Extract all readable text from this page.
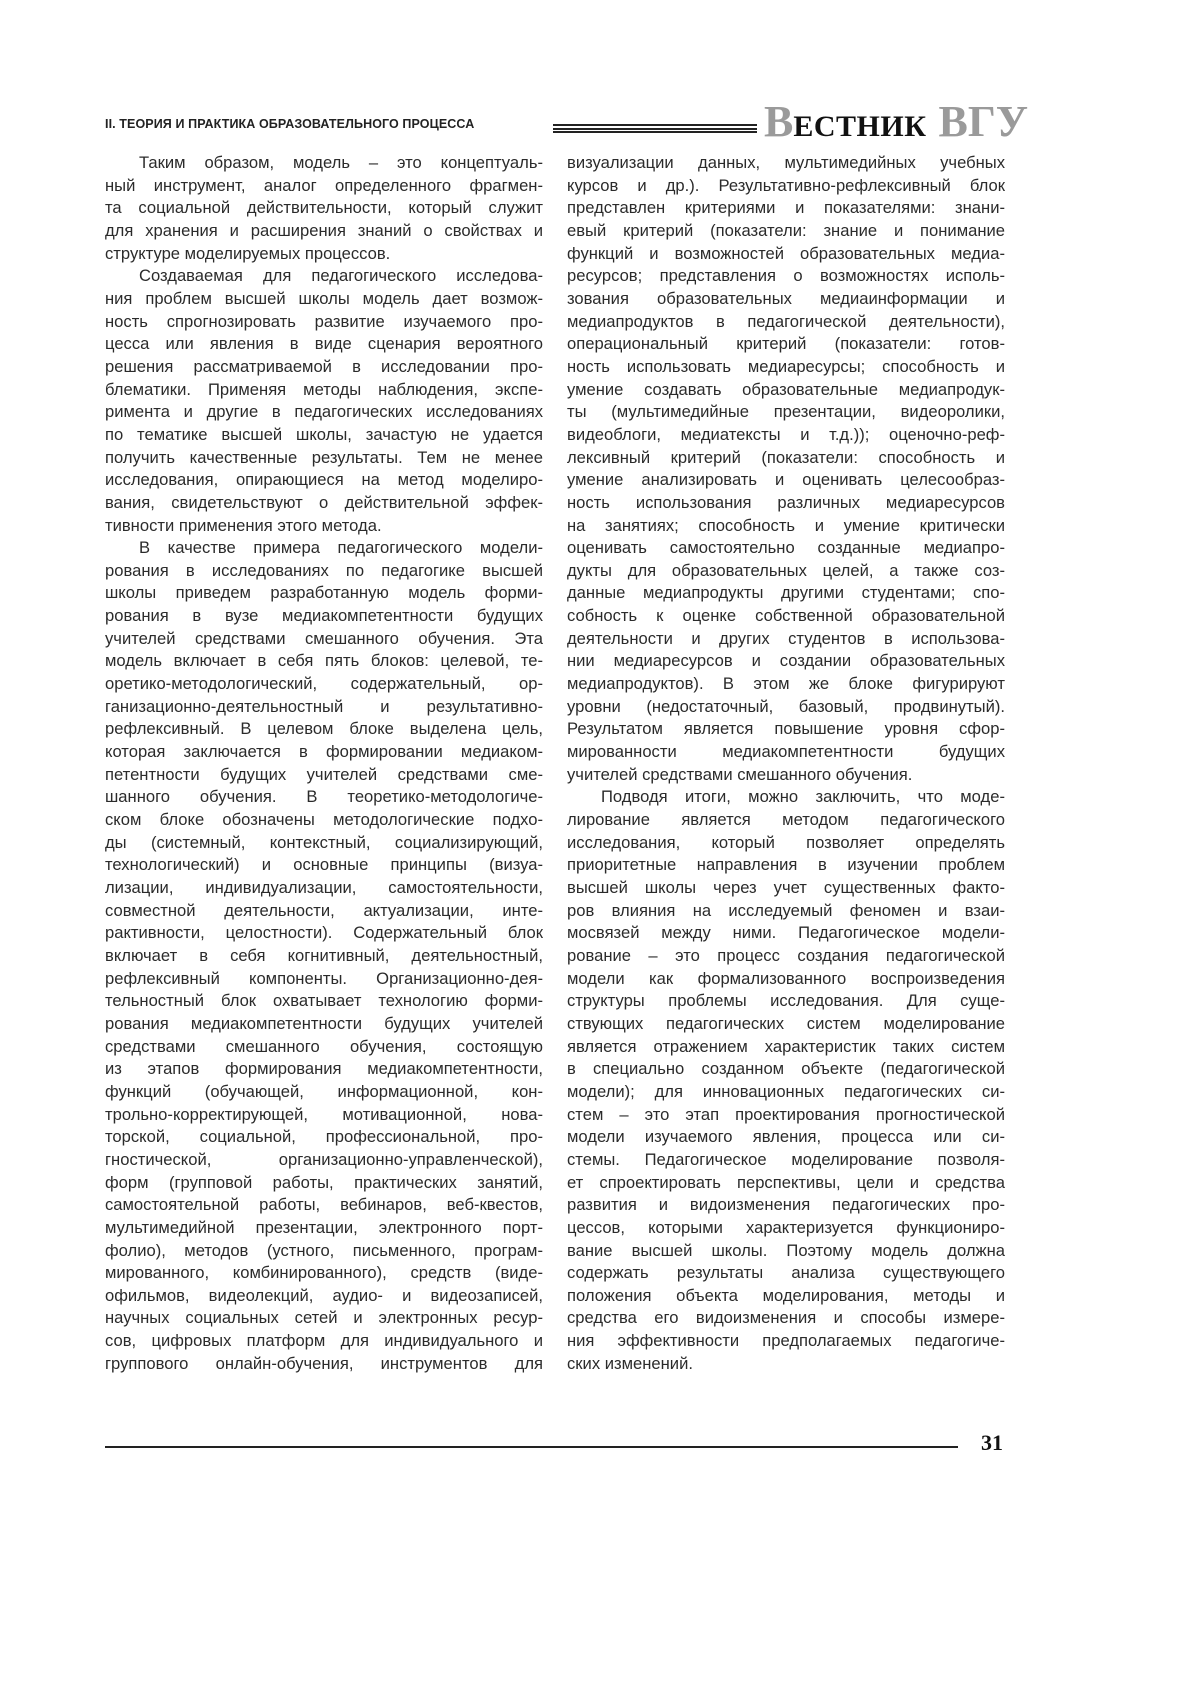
II. ТЕОРИЯ И ПРАКТИКА ОБРАЗОВАТЕЛЬНОГО ПРОЦЕССА	ВЕСТНИК ВГУ
Таким образом, модель – это концептуаль-
ный инструмент, аналог определенного фрагмен-
та социальной действительности, который служит
для хранения и расширения знаний о свойствах и
структуре моделируемых процессов.
Создаваемая для педагогического исследова-
ния проблем высшей школы модель дает возмож-
ность спрогнозировать развитие изучаемого про-
цесса или явления в виде сценария вероятного
решения рассматриваемой в исследовании про-
блематики. Применяя методы наблюдения, экспе-
римента и другие в педагогических исследованиях
по тематике высшей школы, зачастую не удается
получить качественные результаты. Тем не менее
исследования, опирающиеся на метод моделиро-
вания, свидетельствуют о действительной эффек-
тивности применения этого метода.
В качестве примера педагогического модели-
рования в исследованиях по педагогике высшей
школы приведем разработанную модель форми-
рования в вузе медиакомпетентности будущих
учителей средствами смешанного обучения. Эта
модель включает в себя пять блоков: целевой, те-
оретико-методологический, содержательный, ор-
ганизационно-деятельностный и результативно-
рефлексивный. В целевом блоке выделена цель,
которая заключается в формировании медиаком-
петентности будущих учителей средствами сме-
шанного обучения. В теоретико-методологиче-
ском блоке обозначены методологические подхо-
ды (системный, контекстный, социализирующий,
технологический) и основные принципы (визуа-
лизации, индивидуализации, самостоятельности,
совместной деятельности, актуализации, инте-
рактивности, целостности). Содержательный блок
включает в себя когнитивный, деятельностный,
рефлексивный компоненты. Организационно-дея-
тельностный блок охватывает технологию форми-
рования медиакомпетентности будущих учителей
средствами смешанного обучения, состоящую
из этапов формирования медиакомпетентности,
функций (обучающей, информационной, кон-
трольно-корректирующей, мотивационной, нова-
торской, социальной, профессиональной, про-
гностической, организационно-управленческой),
форм (групповой работы, практических занятий,
самостоятельной работы, вебинаров, веб-квестов,
мультимедийной презентации, электронного порт-
фолио), методов (устного, письменного, програм-
мированного, комбинированного), средств (виде-
офильмов, видеолекций, аудио- и видеозаписей,
научных социальных сетей и электронных ресур-
сов, цифровых платформ для индивидуального и
группового онлайн-обучения, инструментов для
визуализации данных, мультимедийных учебных
курсов и др.). Результативно-рефлексивный блок
представлен критериями и показателями: знани-
евый критерий (показатели: знание и понимание
функций и возможностей образовательных медиа-
ресурсов; представления о возможностях исполь-
зования образовательных медиаинформации и
медиапродуктов в педагогической деятельности),
операциональный критерий (показатели: готов-
ность использовать медиаресурсы; способность и
умение создавать образовательные медиапродук-
ты (мультимедийные презентации, видеоролики,
видеоблоги, медиатексты и т.д.)); оценочно-реф-
лексивный критерий (показатели: способность и
умение анализировать и оценивать целесообраз-
ность использования различных медиаресурсов
на занятиях; способность и умение критически
оценивать самостоятельно созданные медиапро-
дукты для образовательных целей, а также соз-
данные медиапродукты другими студентами; спо-
собность к оценке собственной образовательной
деятельности и других студентов в использова-
нии медиаресурсов и создании образовательных
медиапродуктов). В этом же блоке фигурируют
уровни (недостаточный, базовый, продвинутый).
Результатом является повышение уровня сфор-
мированности медиакомпетентности будущих
учителей средствами смешанного обучения.
Подводя итоги, можно заключить, что моде-
лирование является методом педагогического
исследования, который позволяет определять
приоритетные направления в изучении проблем
высшей школы через учет существенных факто-
ров влияния на исследуемый феномен и взаи-
мосвязей между ними. Педагогическое модели-
рование – это процесс создания педагогической
модели как формализованного воспроизведения
структуры проблемы исследования. Для суще-
ствующих педагогических систем моделирование
является отражением характеристик таких систем
в специально созданном объекте (педагогической
модели); для инновационных педагогических си-
стем – это этап проектирования прогностической
модели изучаемого явления, процесса или си-
стемы. Педагогическое моделирование позволя-
ет спроектировать перспективы, цели и средства
развития и видоизменения педагогических про-
цессов, которыми характеризуется функциониро-
вание высшей школы. Поэтому модель должна
содержать результаты анализа существующего
положения объекта моделирования, методы и
средства его видоизменения и способы измере-
ния эффективности предполагаемых педагогиче-
ских изменений.
31
